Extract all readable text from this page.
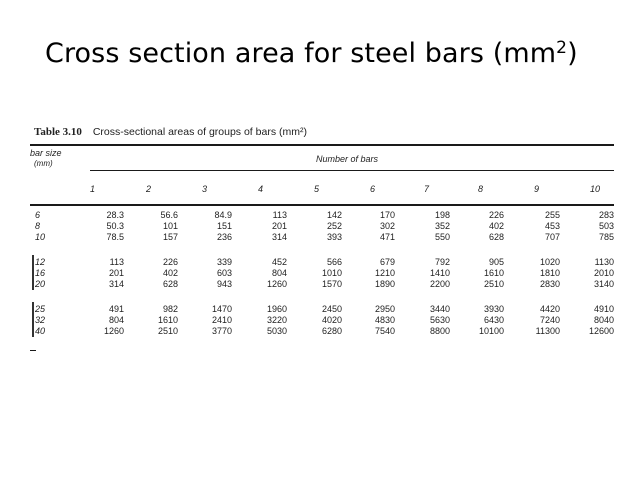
Cross section area for steel bars $(mm^2)$
Table 3.10 Cross-sectional areas of groups of bars (mm²)
bar size
(mm)	Number of bars
1	2	3	4	5	6	7	8	9	10
6	28.3	56.6	84.9	113	142	170	198	226	255	283
8	50.3	101	151	201	252	302	352	402	453	503
10	78.5	157	236	314	393	471	550	628	707	785
12	113	226	339	452	566	679	792	905	1020	1130
16	201	402	603	804	1010	1210	1410	1610	1810	2010
20	314	628	943	1260	1570	1890	2200	2510	2830	3140
25	491	982	1470	1960	2450	2950	3440	3930	4420	4910
32	804	1610	2410	3220	4020	4830	5630	6430	7240	8040
40	1260	2510	3770	5030	6280	7540	8800	10100	11300	12600
